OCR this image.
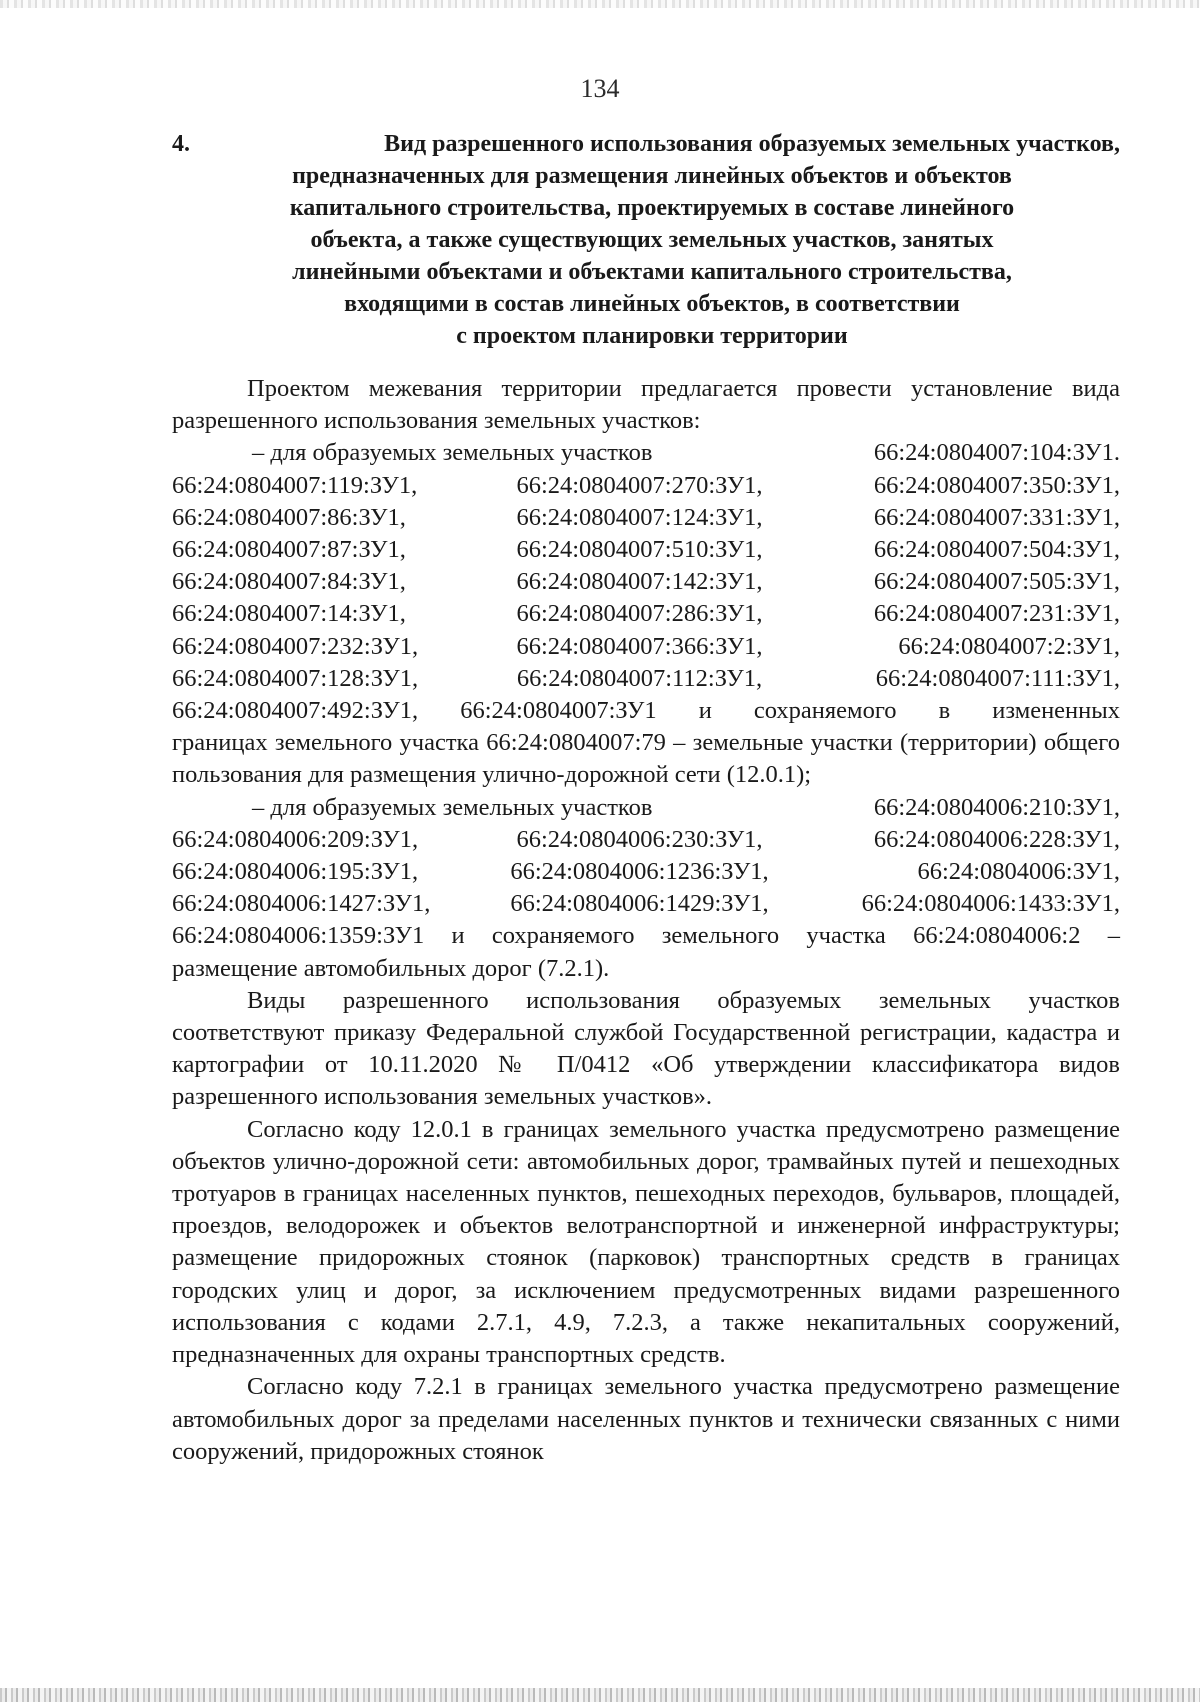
134
4.	Вид разрешенного использования образуемых земельных участков,
предназначенных для размещения линейных объектов и объектов
капитального строительства, проектируемых в составе линейного
объекта, а также существующих земельных участков, занятых
линейными объектами и объектами капитального строительства,
входящими в состав линейных объектов, в соответствии
с проектом планировки территории

Проектом межевания территории предлагается провести установление вида разрешенного использования земельных участков:

– для образуемых земельных участков	66:24:0804007:104:ЗУ1.
66:24:0804007:119:ЗУ1,	66:24:0804007:270:ЗУ1,	66:24:0804007:350:ЗУ1,
66:24:0804007:86:ЗУ1,	66:24:0804007:124:ЗУ1,	66:24:0804007:331:ЗУ1,
66:24:0804007:87:ЗУ1,	66:24:0804007:510:ЗУ1,	66:24:0804007:504:ЗУ1,
66:24:0804007:84:ЗУ1,	66:24:0804007:142:ЗУ1,	66:24:0804007:505:ЗУ1,
66:24:0804007:14:ЗУ1,	66:24:0804007:286:ЗУ1,	66:24:0804007:231:ЗУ1,
66:24:0804007:232:ЗУ1,	66:24:0804007:366:ЗУ1,	66:24:0804007:2:ЗУ1,
66:24:0804007:128:ЗУ1,	66:24:0804007:112:ЗУ1,	66:24:0804007:111:ЗУ1,
66:24:0804007:492:ЗУ1, 66:24:0804007:ЗУ1 и сохраняемого в измененных

границах земельного участка 66:24:0804007:79 – земельные участки (территории) общего пользования для размещения улично-дорожной сети (12.0.1);

– для образуемых земельных участков	66:24:0804006:210:ЗУ1,
66:24:0804006:209:ЗУ1,	66:24:0804006:230:ЗУ1,	66:24:0804006:228:ЗУ1,
66:24:0804006:195:ЗУ1,	66:24:0804006:1236:ЗУ1,	66:24:0804006:ЗУ1,
66:24:0804006:1427:ЗУ1,	66:24:0804006:1429:ЗУ1,	66:24:0804006:1433:ЗУ1,

66:24:0804006:1359:ЗУ1 и сохраняемого земельного участка 66:24:0804006:2 – размещение автомобильных дорог (7.2.1).

Виды разрешенного использования образуемых земельных участков соответствуют приказу Федеральной службой Государственной регистрации, кадастра и картографии от 10.11.2020 № П/0412 «Об утверждении классификатора видов разрешенного использования земельных участков».

Согласно коду 12.0.1 в границах земельного участка предусмотрено размещение объектов улично-дорожной сети: автомобильных дорог, трамвайных путей и пешеходных тротуаров в границах населенных пунктов, пешеходных переходов, бульваров, площадей, проездов, велодорожек и объектов велотранспортной и инженерной инфраструктуры; размещение придорожных стоянок (парковок) транспортных средств в границах городских улиц и дорог, за исключением предусмотренных видами разрешенного использования с кодами 2.7.1, 4.9, 7.2.3, а также некапитальных сооружений, предназначенных для охраны транспортных средств.

Согласно коду 7.2.1 в границах земельного участка предусмотрено размещение автомобильных дорог за пределами населенных пунктов и технически связанных с ними сооружений, придорожных стоянок
